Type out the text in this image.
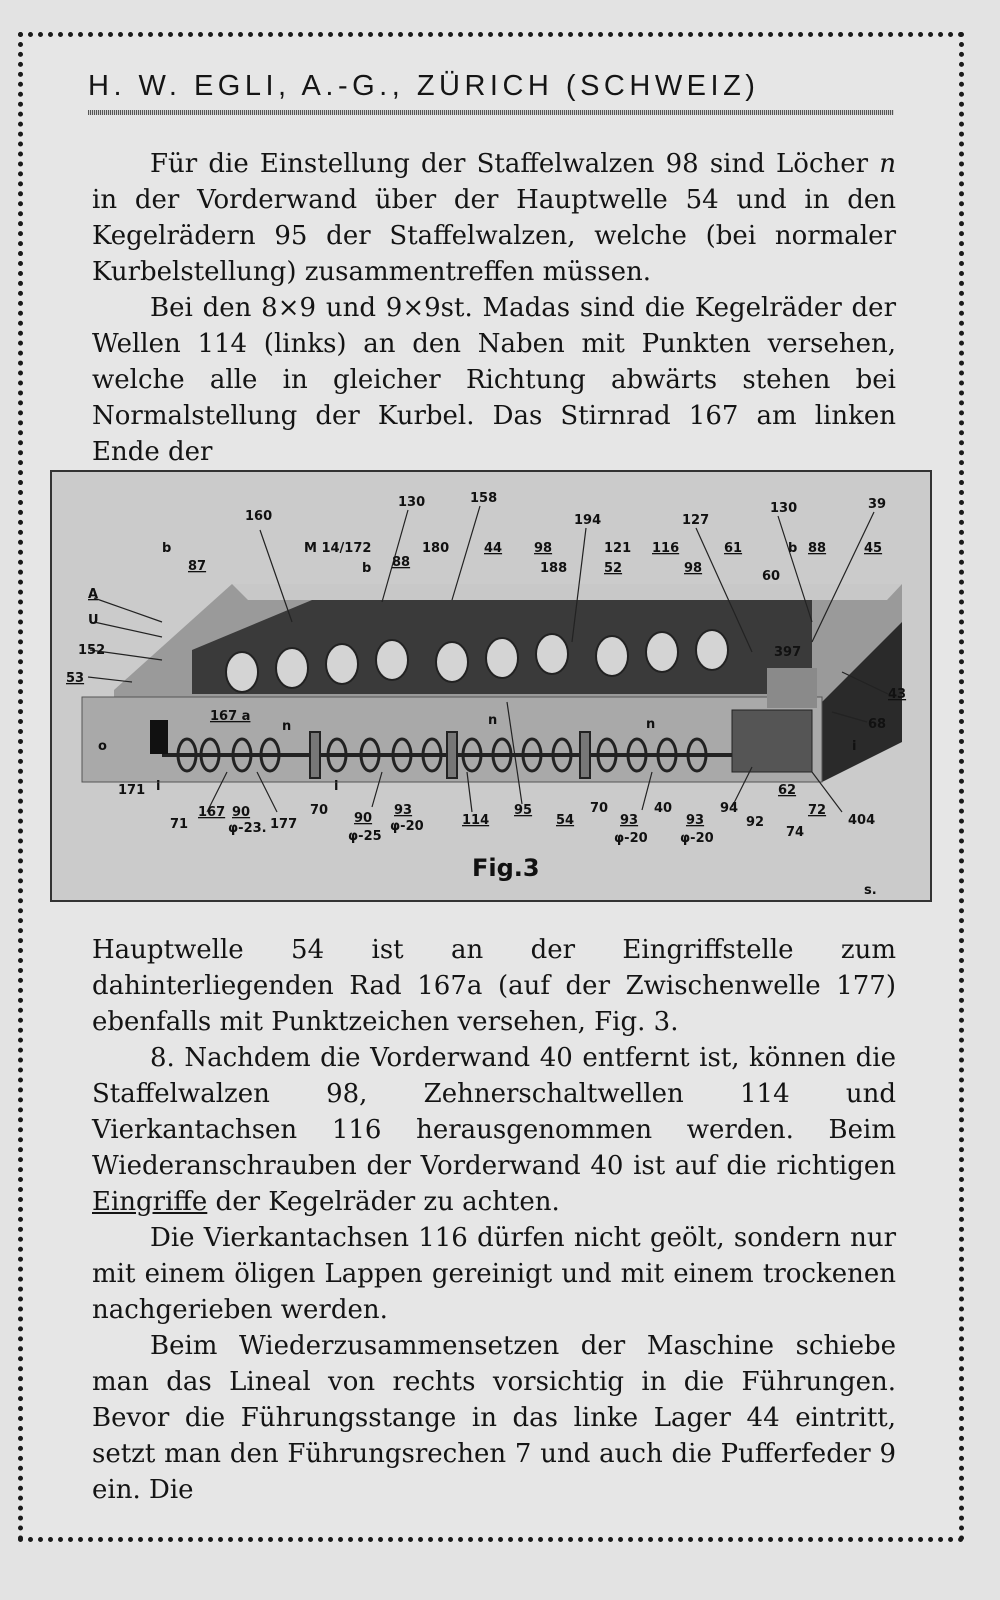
H. W. EGLI, A.-G., ZÜRICH (SCHWEIZ)

Für die Einstellung der Staffelwalzen 98 sind Löcher n in der Vorderwand über der Hauptwelle 54 und in den Kegelrädern 95 der Staffelwalzen, welche (bei normaler Kurbelstellung) zusammentreffen müssen.

Bei den 8×9 und 9×9st. Madas sind die Kegelräder der Wellen 114 (links) an den Naben mit Punkten versehen, welche alle in gleicher Richtung abwärts stehen bei Normalstellung der Kurbel. Das Stirnrad 167 am linken Ende der

160
130	158
194	127
130	39
b
87
M 14/172
88
180	44 98
188
121 116	61	b 88	45
b	52	98
60
A
U
152
53
397
43
68
167 a
n	n	n
o
171 i
71
167 90
φ-23. 177
70
i
90
φ-25
93
φ-20	114
95
54
70
93
φ-20
40
93
φ-20
94
92
74
62
72
404
i
Fig.3
s.

Hauptwelle 54 ist an der Eingriffstelle zum dahinterliegenden Rad 167a (auf der Zwischenwelle 177) ebenfalls mit Punktzeichen versehen, Fig. 3.

8. Nachdem die Vorderwand 40 entfernt ist, können die Staffelwalzen 98, Zehnerschaltwellen 114 und Vierkantachsen 116 herausgenommen werden. Beim Wiederanschrauben der Vorderwand 40 ist auf die richtigen Eingriffe der Kegelräder zu achten.

Die Vierkantachsen 116 dürfen nicht geölt, sondern nur mit einem öligen Lappen gereinigt und mit einem trockenen nachgerieben werden.

Beim Wiederzusammensetzen der Maschine schiebe man das Lineal von rechts vorsichtig in die Führungen. Bevor die Führungsstange in das linke Lager 44 eintritt, setzt man den Führungsrechen 7 und auch die Pufferfeder 9 ein. Die
